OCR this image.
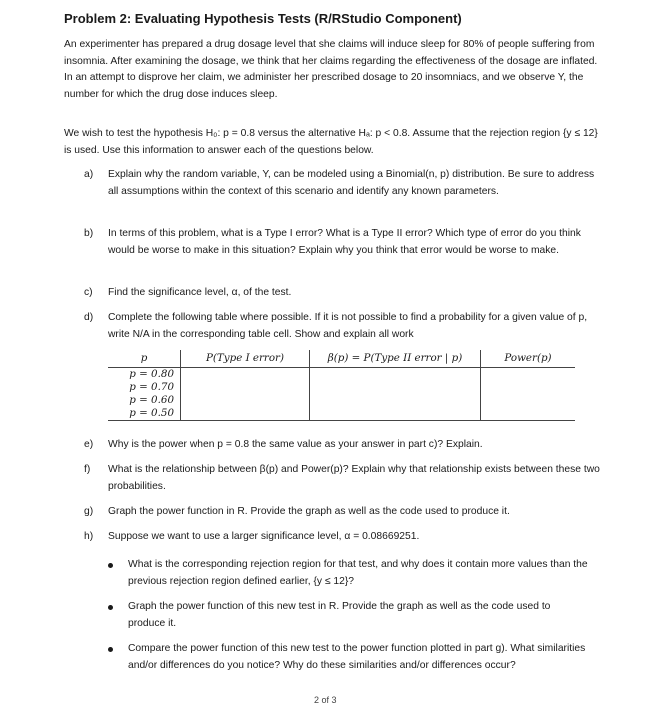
Problem 2: Evaluating Hypothesis Tests (R/RStudio Component)
An experimenter has prepared a drug dosage level that she claims will induce sleep for 80% of people suffering from insomnia. After examining the dosage, we think that her claims regarding the effectiveness of the dosage are inflated. In an attempt to disprove her claim, we administer her prescribed dosage to 20 insomniacs, and we observe Y, the number for which the drug dose induces sleep.
We wish to test the hypothesis H₀: p = 0.8 versus the alternative Hₐ: p < 0.8. Assume that the rejection region {y ≤ 12} is used. Use this information to answer each of the questions below.
a) Explain why the random variable, Y, can be modeled using a Binomial(n, p) distribution. Be sure to address all assumptions within the context of this scenario and identify any known parameters.
b) In terms of this problem, what is a Type I error? What is a Type II error? Which type of error do you think would be worse to make in this situation? Explain why you think that error would be worse to make.
c) Find the significance level, α, of the test.
d) Complete the following table where possible. If it is not possible to find a probability for a given value of p, write N/A in the corresponding table cell. Show and explain all work
p	P(Type I error)	β(p) = P(Type II error | p)	Power(p)
p = 0.80			
p = 0.70			
p = 0.60			
p = 0.50			
e) Why is the power when p = 0.8 the same value as your answer in part c)? Explain.
f) What is the relationship between β(p) and Power(p)? Explain why that relationship exists between these two probabilities.
g) Graph the power function in R. Provide the graph as well as the code used to produce it.
h) Suppose we want to use a larger significance level, α = 0.08669251.
What is the corresponding rejection region for that test, and why does it contain more values than the previous rejection region defined earlier, {y ≤ 12}?
Graph the power function of this new test in R. Provide the graph as well as the code used to produce it.
Compare the power function of this new test to the power function plotted in part g). What similarities and/or differences do you notice? Why do these similarities and/or differences occur?
2 of 3
